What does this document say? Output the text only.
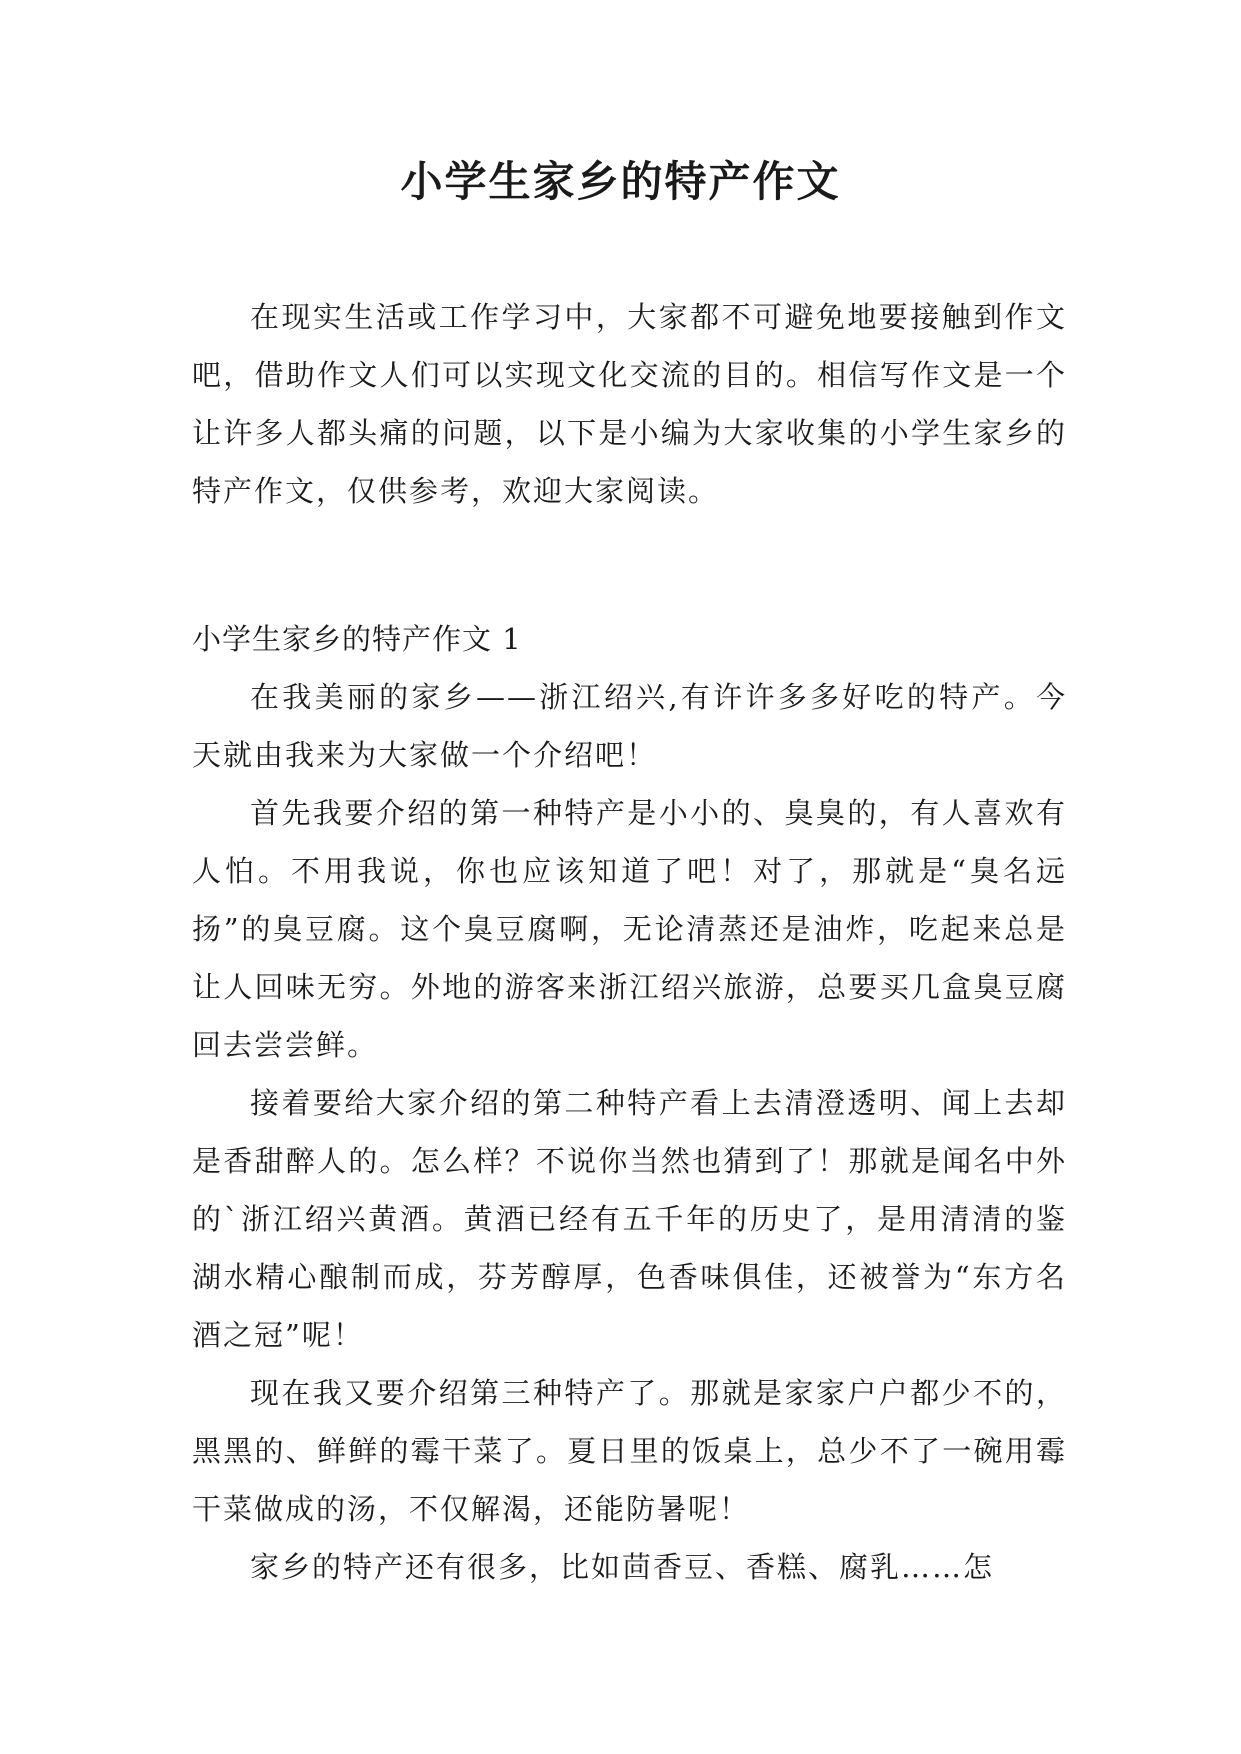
小学生家乡的特产作文

在现实生活或工作学习中，大家都不可避免地要接触到作文吧，借助作文人们可以实现文化交流的目的。相信写作文是一个让许多人都头痛的问题，以下是小编为大家收集的小学生家乡的特产作文，仅供参考，欢迎大家阅读。

小学生家乡的特产作文 1

在我美丽的家乡——浙江绍兴,有许许多多好吃的特产。今天就由我来为大家做一个介绍吧！

首先我要介绍的第一种特产是小小的、臭臭的，有人喜欢有人怕。不用我说，你也应该知道了吧！对了，那就是“臭名远扬”的臭豆腐。这个臭豆腐啊，无论清蒸还是油炸，吃起来总是让人回味无穷。外地的游客来浙江绍兴旅游，总要买几盒臭豆腐回去尝尝鲜。

接着要给大家介绍的第二种特产看上去清澄透明、闻上去却是香甜醉人的。怎么样？不说你当然也猜到了！那就是闻名中外的`浙江绍兴黄酒。黄酒已经有五千年的历史了，是用清清的鉴湖水精心酿制而成，芬芳醇厚，色香味俱佳，还被誉为“东方名酒之冠”呢！

现在我又要介绍第三种特产了。那就是家家户户都少不的，黑黑的、鲜鲜的霉干菜了。夏日里的饭桌上，总少不了一碗用霉干菜做成的汤，不仅解渴，还能防暑呢！

家乡的特产还有很多，比如茴香豆、香糕、腐乳……怎
